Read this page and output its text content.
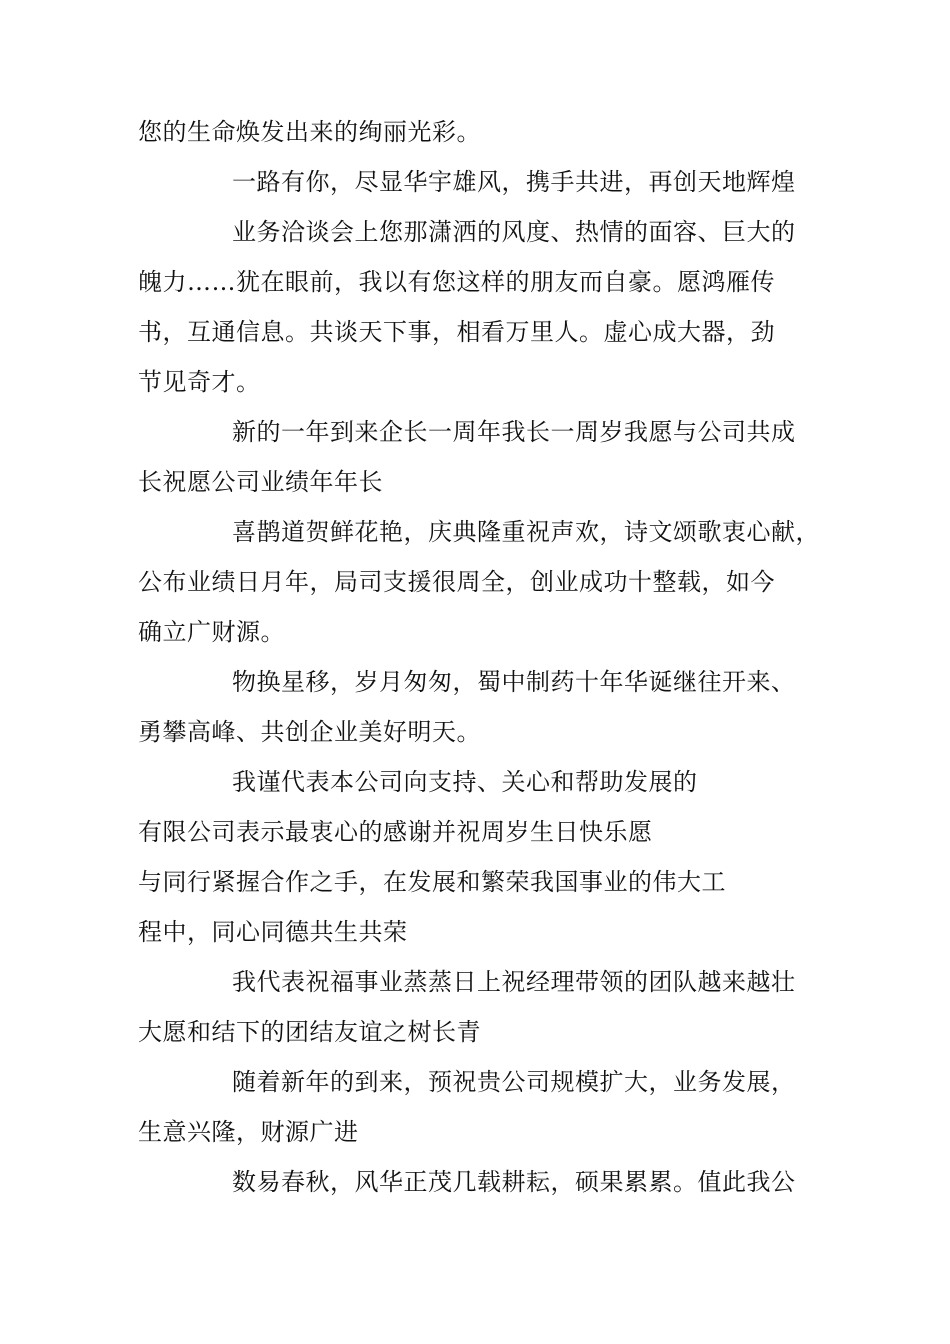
您的生命焕发出来的绚丽光彩。
一路有你，尽显华宇雄风，携手共进，再创天地辉煌
业务洽谈会上您那潇洒的风度、热情的面容、巨大的
魄力……犹在眼前，我以有您这样的朋友而自豪。愿鸿雁传
书，互通信息。共谈天下事，相看万里人。虚心成大器，劲
节见奇才。
新的一年到来企长一周年我长一周岁我愿与公司共成
长祝愿公司业绩年年长
喜鹊道贺鲜花艳，庆典隆重祝声欢，诗文颂歌衷心献，
公布业绩日月年，局司支援很周全，创业成功十整载，如今
确立广财源。
物换星移，岁月匆匆，蜀中制药十年华诞继往开来、
勇攀高峰、共创企业美好明天。
我谨代表本公司向支持、关心和帮助发展的
有限公司表示最衷心的感谢并祝周岁生日快乐愿
与同行紧握合作之手，在发展和繁荣我国事业的伟大工
程中，同心同德共生共荣
我代表祝福事业蒸蒸日上祝经理带领的团队越来越壮
大愿和结下的团结友谊之树长青
随着新年的到来，预祝贵公司规模扩大，业务发展，
生意兴隆，财源广进
数易春秋，风华正茂几载耕耘，硕果累累。值此我公
